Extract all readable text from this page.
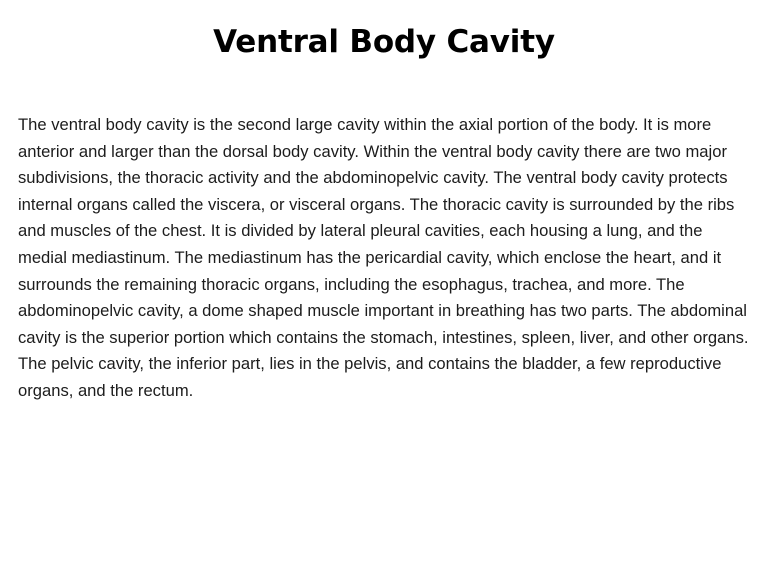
Ventral Body Cavity
The ventral body cavity is the second large cavity within the axial portion of the body. It is more anterior and larger than the dorsal body cavity. Within the ventral body cavity there are two major subdivisions, the thoracic activity and the abdominopelvic cavity. The ventral body cavity protects internal organs called the viscera, or visceral organs. The thoracic cavity is surrounded by the ribs and muscles of the chest. It is divided by lateral pleural cavities, each housing a lung, and the medial mediastinum. The mediastinum has the pericardial cavity, which enclose the heart, and it surrounds the remaining thoracic organs, including the esophagus, trachea, and more. The abdominopelvic cavity, a dome shaped muscle important in breathing has two parts. The abdominal cavity is the superior portion which contains the stomach, intestines, spleen, liver, and other organs. The pelvic cavity, the inferior part, lies in the pelvis, and contains the bladder, a few reproductive organs, and the rectum.
